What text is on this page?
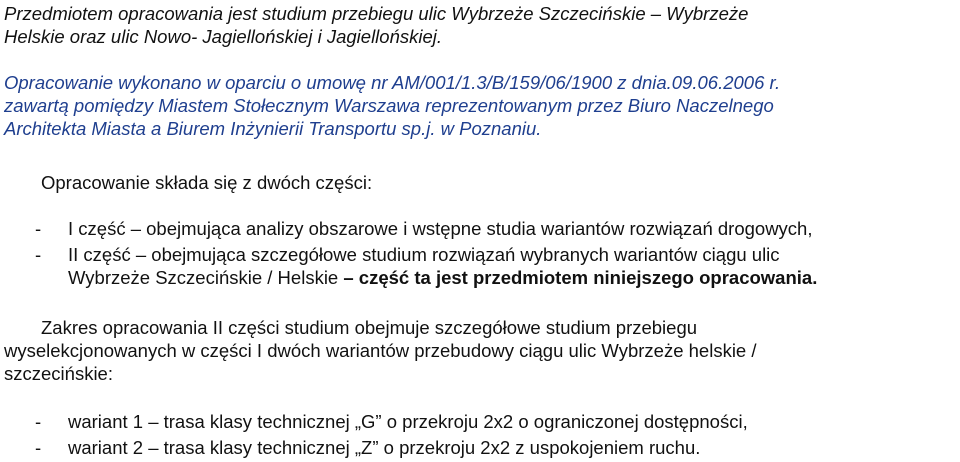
Przedmiotem opracowania jest studium przebiegu ulic Wybrzeże Szczecińskie – Wybrzeże
Helskie oraz ulic Nowo- Jagiellońskiej i Jagiellońskiej.

Opracowanie wykonano w oparciu o umowę nr AM/001/1.3/B/159/06/1900 z dnia.09.06.2006 r.
zawartą pomiędzy Miastem Stołecznym Warszawa reprezentowanym przez Biuro Naczelnego
Architekta Miasta a Biurem Inżynierii Transportu sp.j. w Poznaniu.

Opracowanie składa się z dwóch części:

- I część – obejmująca analizy obszarowe i wstępne studia wariantów rozwiązań drogowych,
- II część – obejmująca szczegółowe studium rozwiązań wybranych wariantów ciągu ulic
Wybrzeże Szczecińskie / Helskie – część ta jest przedmiotem niniejszego opracowania.

Zakres opracowania II części studium obejmuje szczegółowe studium przebiegu
wyselekcjonowanych w części I dwóch wariantów przebudowy ciągu ulic Wybrzeże helskie /
szczecińskie:

- wariant 1 – trasa klasy technicznej „G” o przekroju 2x2 o ograniczonej dostępności,
- wariant 2 – trasa klasy technicznej „Z” o przekroju 2x2 z uspokojeniem ruchu.
